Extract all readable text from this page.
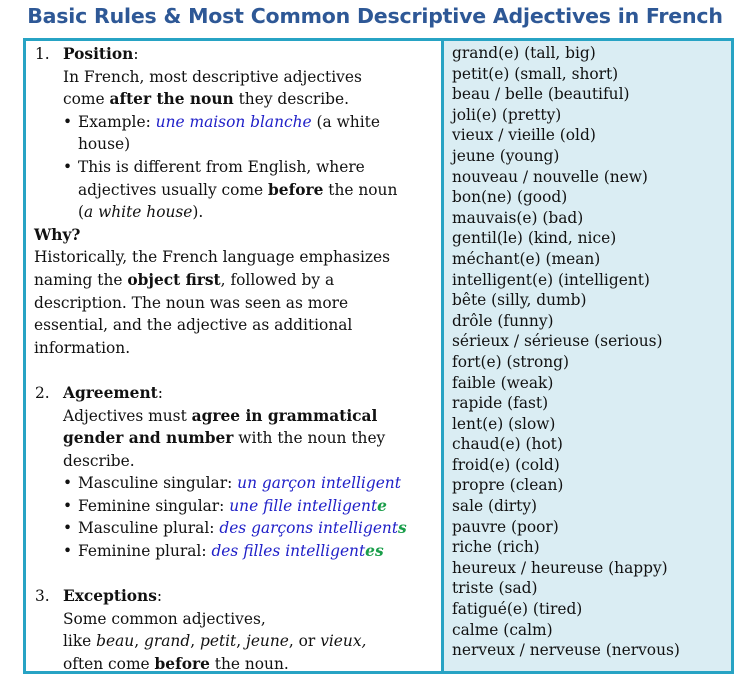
Basic Rules & Most Common Descriptive Adjectives in French
1. Position:
In French, most descriptive adjectives
come after the noun they describe.
• Example: une maison blanche (a white
house)
• This is different from English, where
adjectives usually come before the noun
(a white house).
Why?
Historically, the French language emphasizes
naming the object first, followed by a
description. The noun was seen as more
essential, and the adjective as additional
information.
2. Agreement:
Adjectives must agree in grammatical
gender and number with the noun they
describe.
• Masculine singular: un garçon intelligent
• Feminine singular: une fille intelligente
• Masculine plural: des garçons intelligents
• Feminine plural: des filles intelligentes
3. Exceptions:
Some common adjectives,
like beau, grand, petit, jeune, or vieux,
often come before the noun.
grand(e) (tall, big)
petit(e) (small, short)
beau / belle (beautiful)
joli(e) (pretty)
vieux / vieille (old)
jeune (young)
nouveau / nouvelle (new)
bon(ne) (good)
mauvais(e) (bad)
gentil(le) (kind, nice)
méchant(e) (mean)
intelligent(e) (intelligent)
bête (silly, dumb)
drôle (funny)
sérieux / sérieuse (serious)
fort(e) (strong)
faible (weak)
rapide (fast)
lent(e) (slow)
chaud(e) (hot)
froid(e) (cold)
propre (clean)
sale (dirty)
pauvre (poor)
riche (rich)
heureux / heureuse (happy)
triste (sad)
fatigué(e) (tired)
calme (calm)
nerveux / nerveuse (nervous)
